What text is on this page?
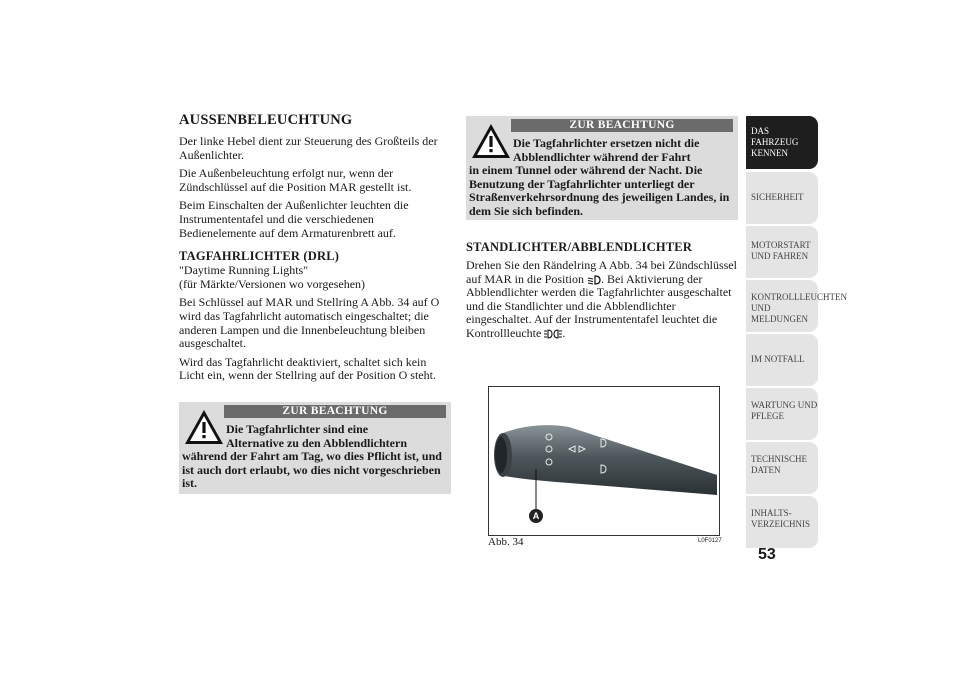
AUSSENBELEUCHTUNG

Der linke Hebel dient zur Steuerung des Großteils der Außenlichter.

Die Außenbeleuchtung erfolgt nur, wenn der Zündschlüssel auf die Position MAR gestellt ist.

Beim Einschalten der Außenlichter leuchten die Instrumententafel und die verschiedenen Bedienelemente auf dem Armaturenbrett auf.

TAGFAHRLICHTER (DRL)
"Daytime Running Lights"
(für Märkte/Versionen wo vorgesehen)

Bei Schlüssel auf MAR und Stellring A Abb. 34 auf O wird das Tagfahrlicht automatisch eingeschaltet; die anderen Lampen und die Innenbeleuchtung bleiben ausgeschaltet.

Wird das Tagfahrlicht deaktiviert, schaltet sich kein Licht ein, wenn der Stellring auf der Position O steht.

ZUR BEACHTUNG
Die Tagfahrlichter sind eine
Alternative zu den Abblendlichtern
während der Fahrt am Tag, wo dies Pflicht ist, und ist auch dort erlaubt, wo dies nicht vorgeschrieben ist.
ZUR BEACHTUNG
Die Tagfahrlichter ersetzen nicht die
Abblendlichter während der Fahrt
in einem Tunnel oder während der Nacht. Die Benutzung der Tagfahrlichter unterliegt der Straßenverkehrsordnung des jeweiligen Landes, in dem Sie sich befinden.
STANDLICHTER/ABBLENDLICHTER

Drehen Sie den Rändelring A Abb. 34 bei Zündschlüssel auf MAR in die Position . Bei Aktivierung der Abblendlichter werden die Tagfahrlichter ausgeschaltet und die Standlichter und die Abblendlichter eingeschaltet. Auf der Instrumententafel leuchtet die Kontrollleuchte .

A
Abb. 34	L0F0127
DAS FAHRZEUG KENNEN
SICHERHEIT
MOTORSTART UND FAHREN
KONTROLLLEUCHTEN UND MELDUNGEN
IM NOTFALL
WARTUNG UND PFLEGE
TECHNISCHE DATEN
INHALTS-VERZEICHNIS
53
